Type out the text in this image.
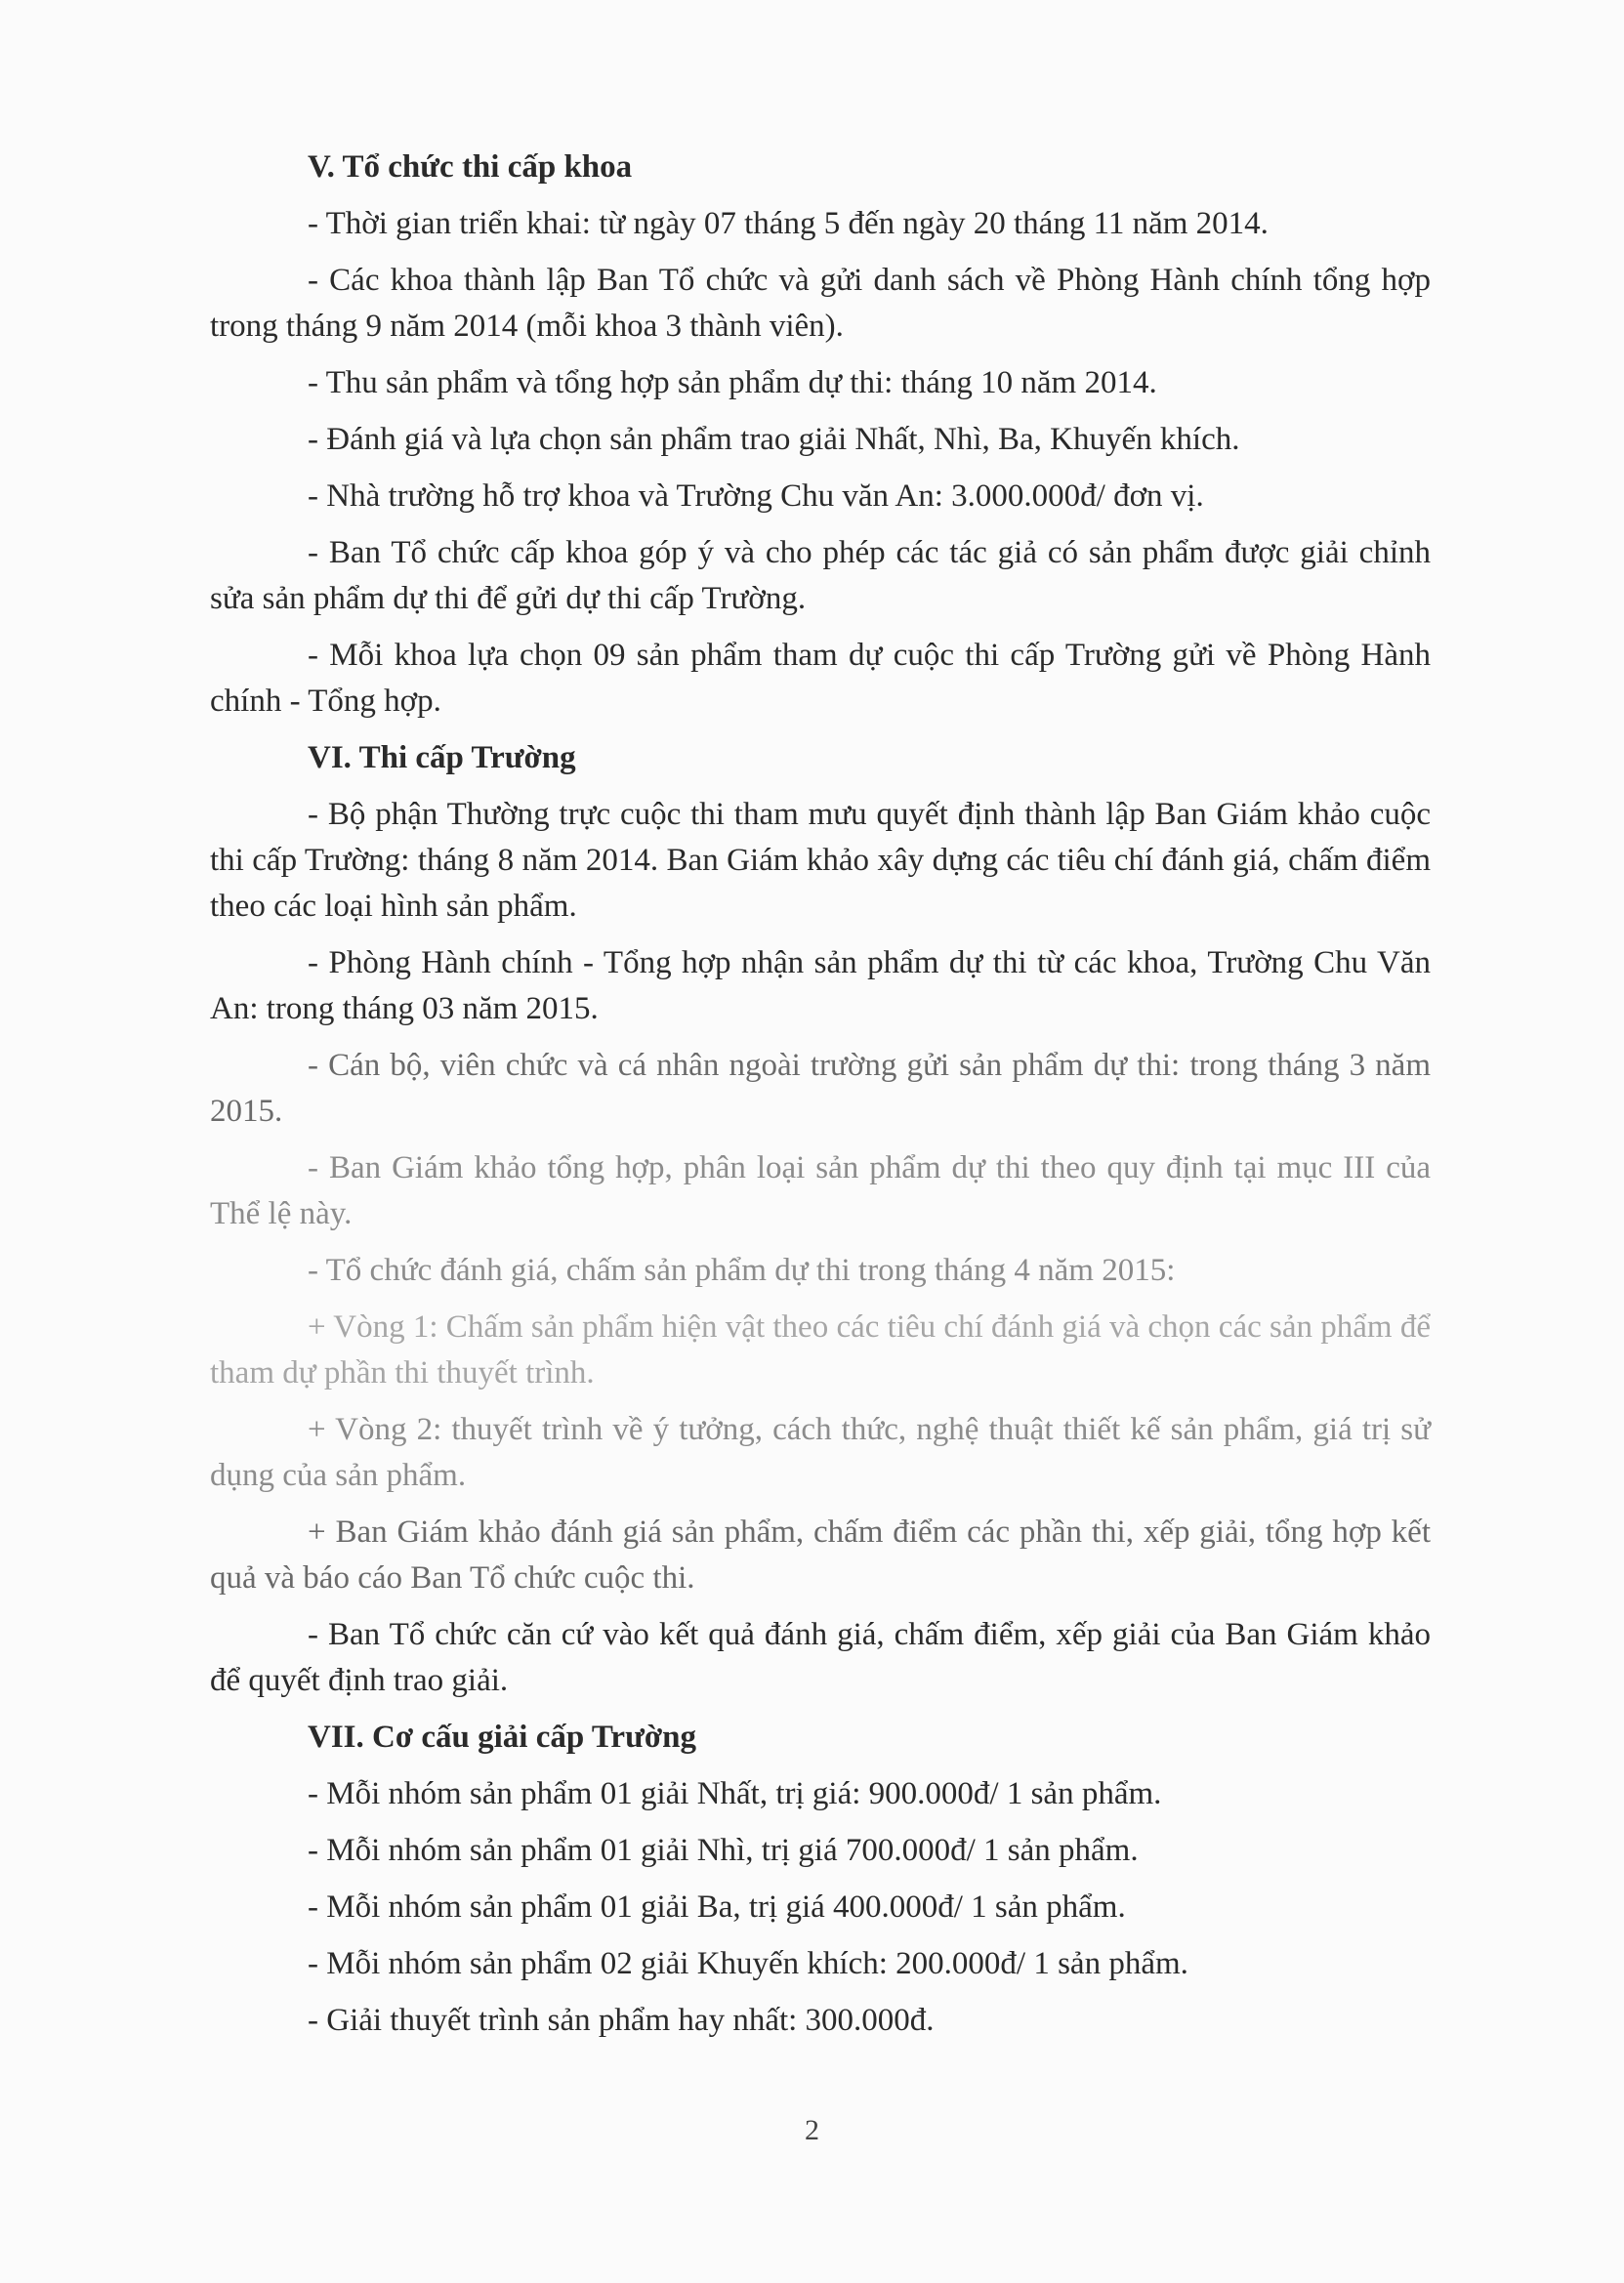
V. Tổ chức thi cấp khoa

- Thời gian triển khai: từ ngày 07 tháng 5 đến ngày 20 tháng 11 năm 2014.

- Các khoa thành lập Ban Tổ chức và gửi danh sách về Phòng Hành chính tổng hợp trong tháng 9 năm 2014 (mỗi khoa 3 thành viên).

- Thu sản phẩm và tổng hợp sản phẩm dự thi: tháng 10 năm 2014.

- Đánh giá và lựa chọn sản phẩm trao giải Nhất, Nhì, Ba, Khuyến khích.

- Nhà trường hỗ trợ khoa và Trường Chu văn An: 3.000.000đ/ đơn vị.

- Ban Tổ chức cấp khoa góp ý và cho phép các tác giả có sản phẩm được giải chỉnh sửa sản phẩm dự thi để gửi dự thi cấp Trường.

- Mỗi khoa lựa chọn 09 sản phẩm tham dự cuộc thi cấp Trường gửi về Phòng Hành chính - Tổng hợp.

VI. Thi cấp Trường

- Bộ phận Thường trực cuộc thi tham mưu quyết định thành lập Ban Giám khảo cuộc thi cấp Trường: tháng 8 năm 2014. Ban Giám khảo xây dựng các tiêu chí đánh giá, chấm điểm theo các loại hình sản phẩm.

- Phòng Hành chính - Tổng hợp nhận sản phẩm dự thi từ các khoa, Trường Chu Văn An: trong tháng 03 năm 2015.

- Cán bộ, viên chức và cá nhân ngoài trường gửi sản phẩm dự thi: trong tháng 3 năm 2015.

- Ban Giám khảo tổng hợp, phân loại sản phẩm dự thi theo quy định tại mục III của Thể lệ này.

- Tổ chức đánh giá, chấm sản phẩm dự thi trong tháng 4 năm 2015:

+ Vòng 1: Chấm sản phẩm hiện vật theo các tiêu chí đánh giá và chọn các sản phẩm để tham dự phần thi thuyết trình.

+ Vòng 2: thuyết trình về ý tưởng, cách thức, nghệ thuật thiết kế sản phẩm, giá trị sử dụng của sản phẩm.

+ Ban Giám khảo đánh giá sản phẩm, chấm điểm các phần thi, xếp giải, tổng hợp kết quả và báo cáo Ban Tổ chức cuộc thi.

- Ban Tổ chức căn cứ vào kết quả đánh giá, chấm điểm, xếp giải của Ban Giám khảo để quyết định trao giải.

VII. Cơ cấu giải cấp Trường

- Mỗi nhóm sản phẩm 01 giải Nhất, trị giá: 900.000đ/ 1 sản phẩm.

- Mỗi nhóm sản phẩm 01 giải Nhì, trị giá 700.000đ/ 1 sản phẩm.

- Mỗi nhóm sản phẩm 01 giải Ba, trị giá 400.000đ/ 1 sản phẩm.

- Mỗi nhóm sản phẩm 02 giải Khuyến khích: 200.000đ/ 1 sản phẩm.

- Giải thuyết trình sản phẩm hay nhất: 300.000đ.

2
